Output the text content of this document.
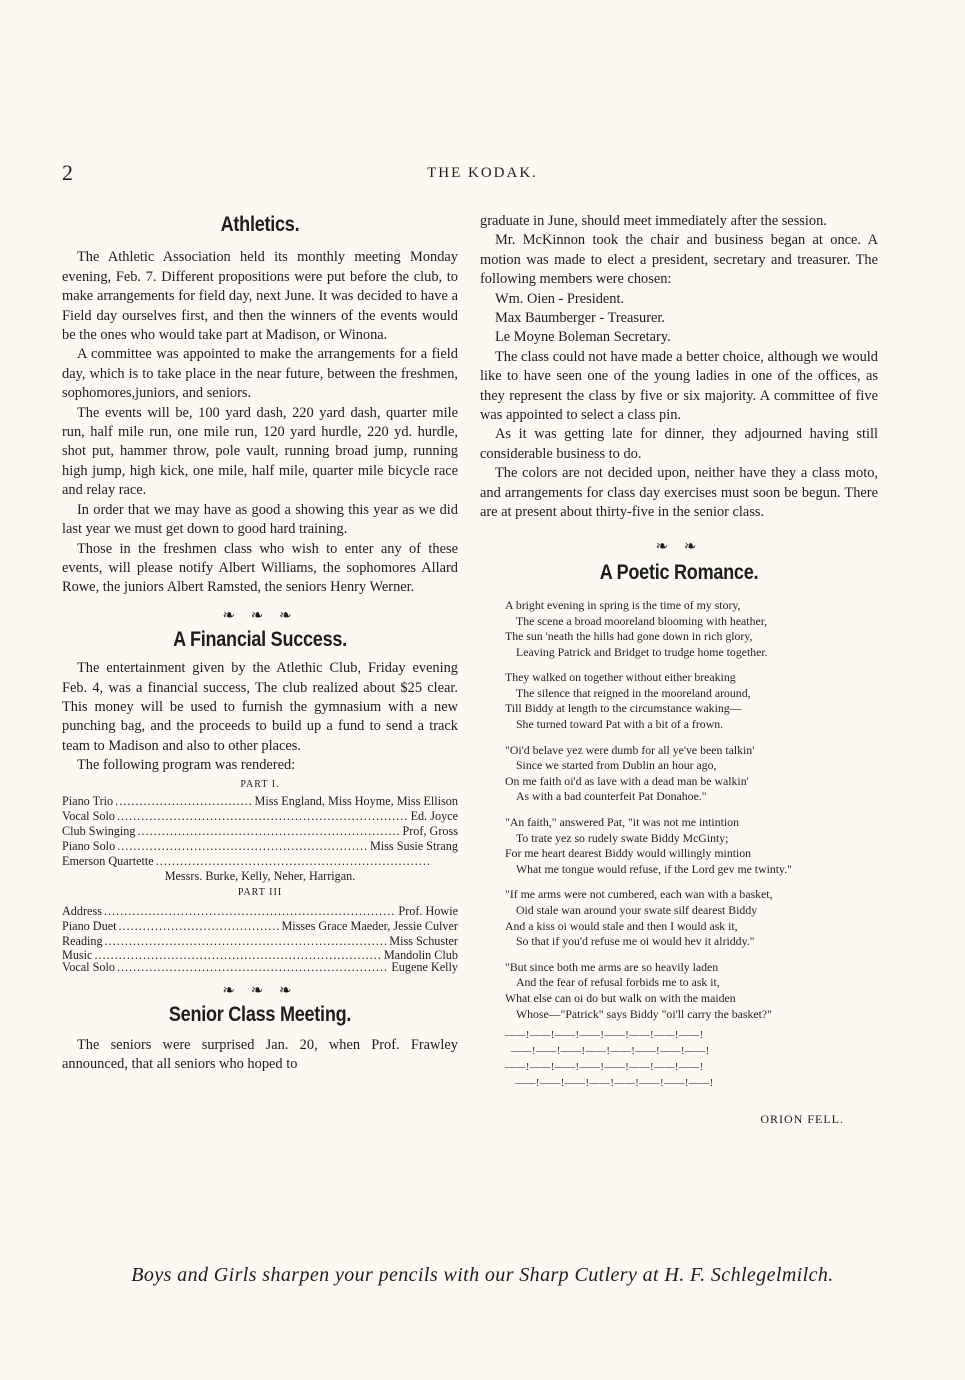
2	THE KODAK.
Athletics.

The Athletic Association held its monthly meeting Monday evening, Feb. 7. Different propositions were put before the club, to make arrangements for field day, next June. It was decided to have a Field day ourselves first, and then the winners of the events would be the ones who would take part at Madison, or Winona.

A committee was appointed to make the arrangements for a field day, which is to take place in the near future, between the freshmen, sophomores,juniors, and seniors.

The events will be, 100 yard dash, 220 yard dash, quarter mile run, half mile run, one mile run, 120 yard hurdle, 220 yd. hurdle, shot put, hammer throw, pole vault, running broad jump, running high jump, high kick, one mile, half mile, quarter mile bicycle race and relay race.

In order that we may have as good a showing this year as we did last year we must get down to good hard training.

Those in the freshmen class who wish to enter any of these events, will please notify Albert Williams, the sophomores Allard Rowe, the juniors Albert Ramsted, the seniors Henry Werner.

❧ ❧ ❧
A Financial Success.

The entertainment given by the Atlethic Club, Friday evening Feb. 4, was a financial success, The club realized about $25 clear. This money will be used to furnish the gymnasium with a new punching bag, and the proceeds to build up a fund to send a track team to Madison and also to other places.

The following program was rendered:

PART I.
Piano Trio .....	Miss England, Miss Hoyme, Miss Ellison
Vocal Solo .....	Ed. Joyce
Club Swinging .....	Prof, Gross
Piano Solo .....	Miss Susie Strang
Emerson Quartette
.....
Messrs. Burke, Kelly, Neher, Harrigan.
PART III
Address .....	Prof. Howie
Piano Duet .....	Misses Grace Maeder, Jessie Culver
Reading .....	Miss Schuster
Music .....	Mandolin Club
Vocal Solo .....	Eugene Kelly
❧ ❧ ❧
Senior Class Meeting.

The seniors were surprised Jan. 20, when Prof. Frawley announced, that all seniors who hoped to

graduate in June, should meet immediately after the session.

Mr. McKinnon took the chair and business began at once. A motion was made to elect a president, secretary and treasurer. The following members were chosen:

Wm. Oien - President.

Max Baumberger - Treasurer.

Le Moyne Boleman Secretary.

The class could not have made a better choice, although we would like to have seen one of the young ladies in one of the offices, as they represent the class by five or six majority. A committee of five was appointed to select a class pin.

As it was getting late for dinner, they adjourned having still considerable business to do.

The colors are not decided upon, neither have they a class moto, and arrangements for class day exercises must soon be begun. There are at present about thirty-five in the senior class.

❧ ❧
A Poetic Romance.
A bright evening in spring is the time of my story,
The scene a broad mooreland blooming with heather,
The sun 'neath the hills had gone down in rich glory,
Leaving Patrick and Bridget to trudge home together.
They walked on together without either breaking
The silence that reigned in the mooreland around,
Till Biddy at length to the circumstance waking—
She turned toward Pat with a bit of a frown.
"Oi'd belave yez were dumb for all ye've been talkin'
Since we started from Dublin an hour ago,
On me faith oi'd as lave with a dead man be walkin'
As with a bad counterfeit Pat Donahoe."
"An faith," answered Pat, "it was not me intintion
To trate yez so rudely swate Biddy McGinty;
For me heart dearest Biddy would willingly mintion
What me tongue would refuse, if the Lord gev me twinty."
"If me arms were not cumbered, each wan with a basket,
Oid stale wan around your swate silf dearest Biddy
And a kiss oi would stale and then I would ask it,
So that if you'd refuse me oi would hev it alriddy."
"But since both me arms are so heavily laden
And the fear of refusal forbids me to ask it,
What else can oi do but walk on with the maiden
Whose—"Patrick" says Biddy "oi'll carry the basket?"
——!——!——!——!——!——!——!——!
——!——!——!——!——!——!——!——!
——!——!——!——!——!——!——!——!
——!——!——!——!——!——!——!——!
ORION FELL.
Boys and Girls sharpen your pencils with our Sharp Cutlery at H. F. Schlegelmilch.
